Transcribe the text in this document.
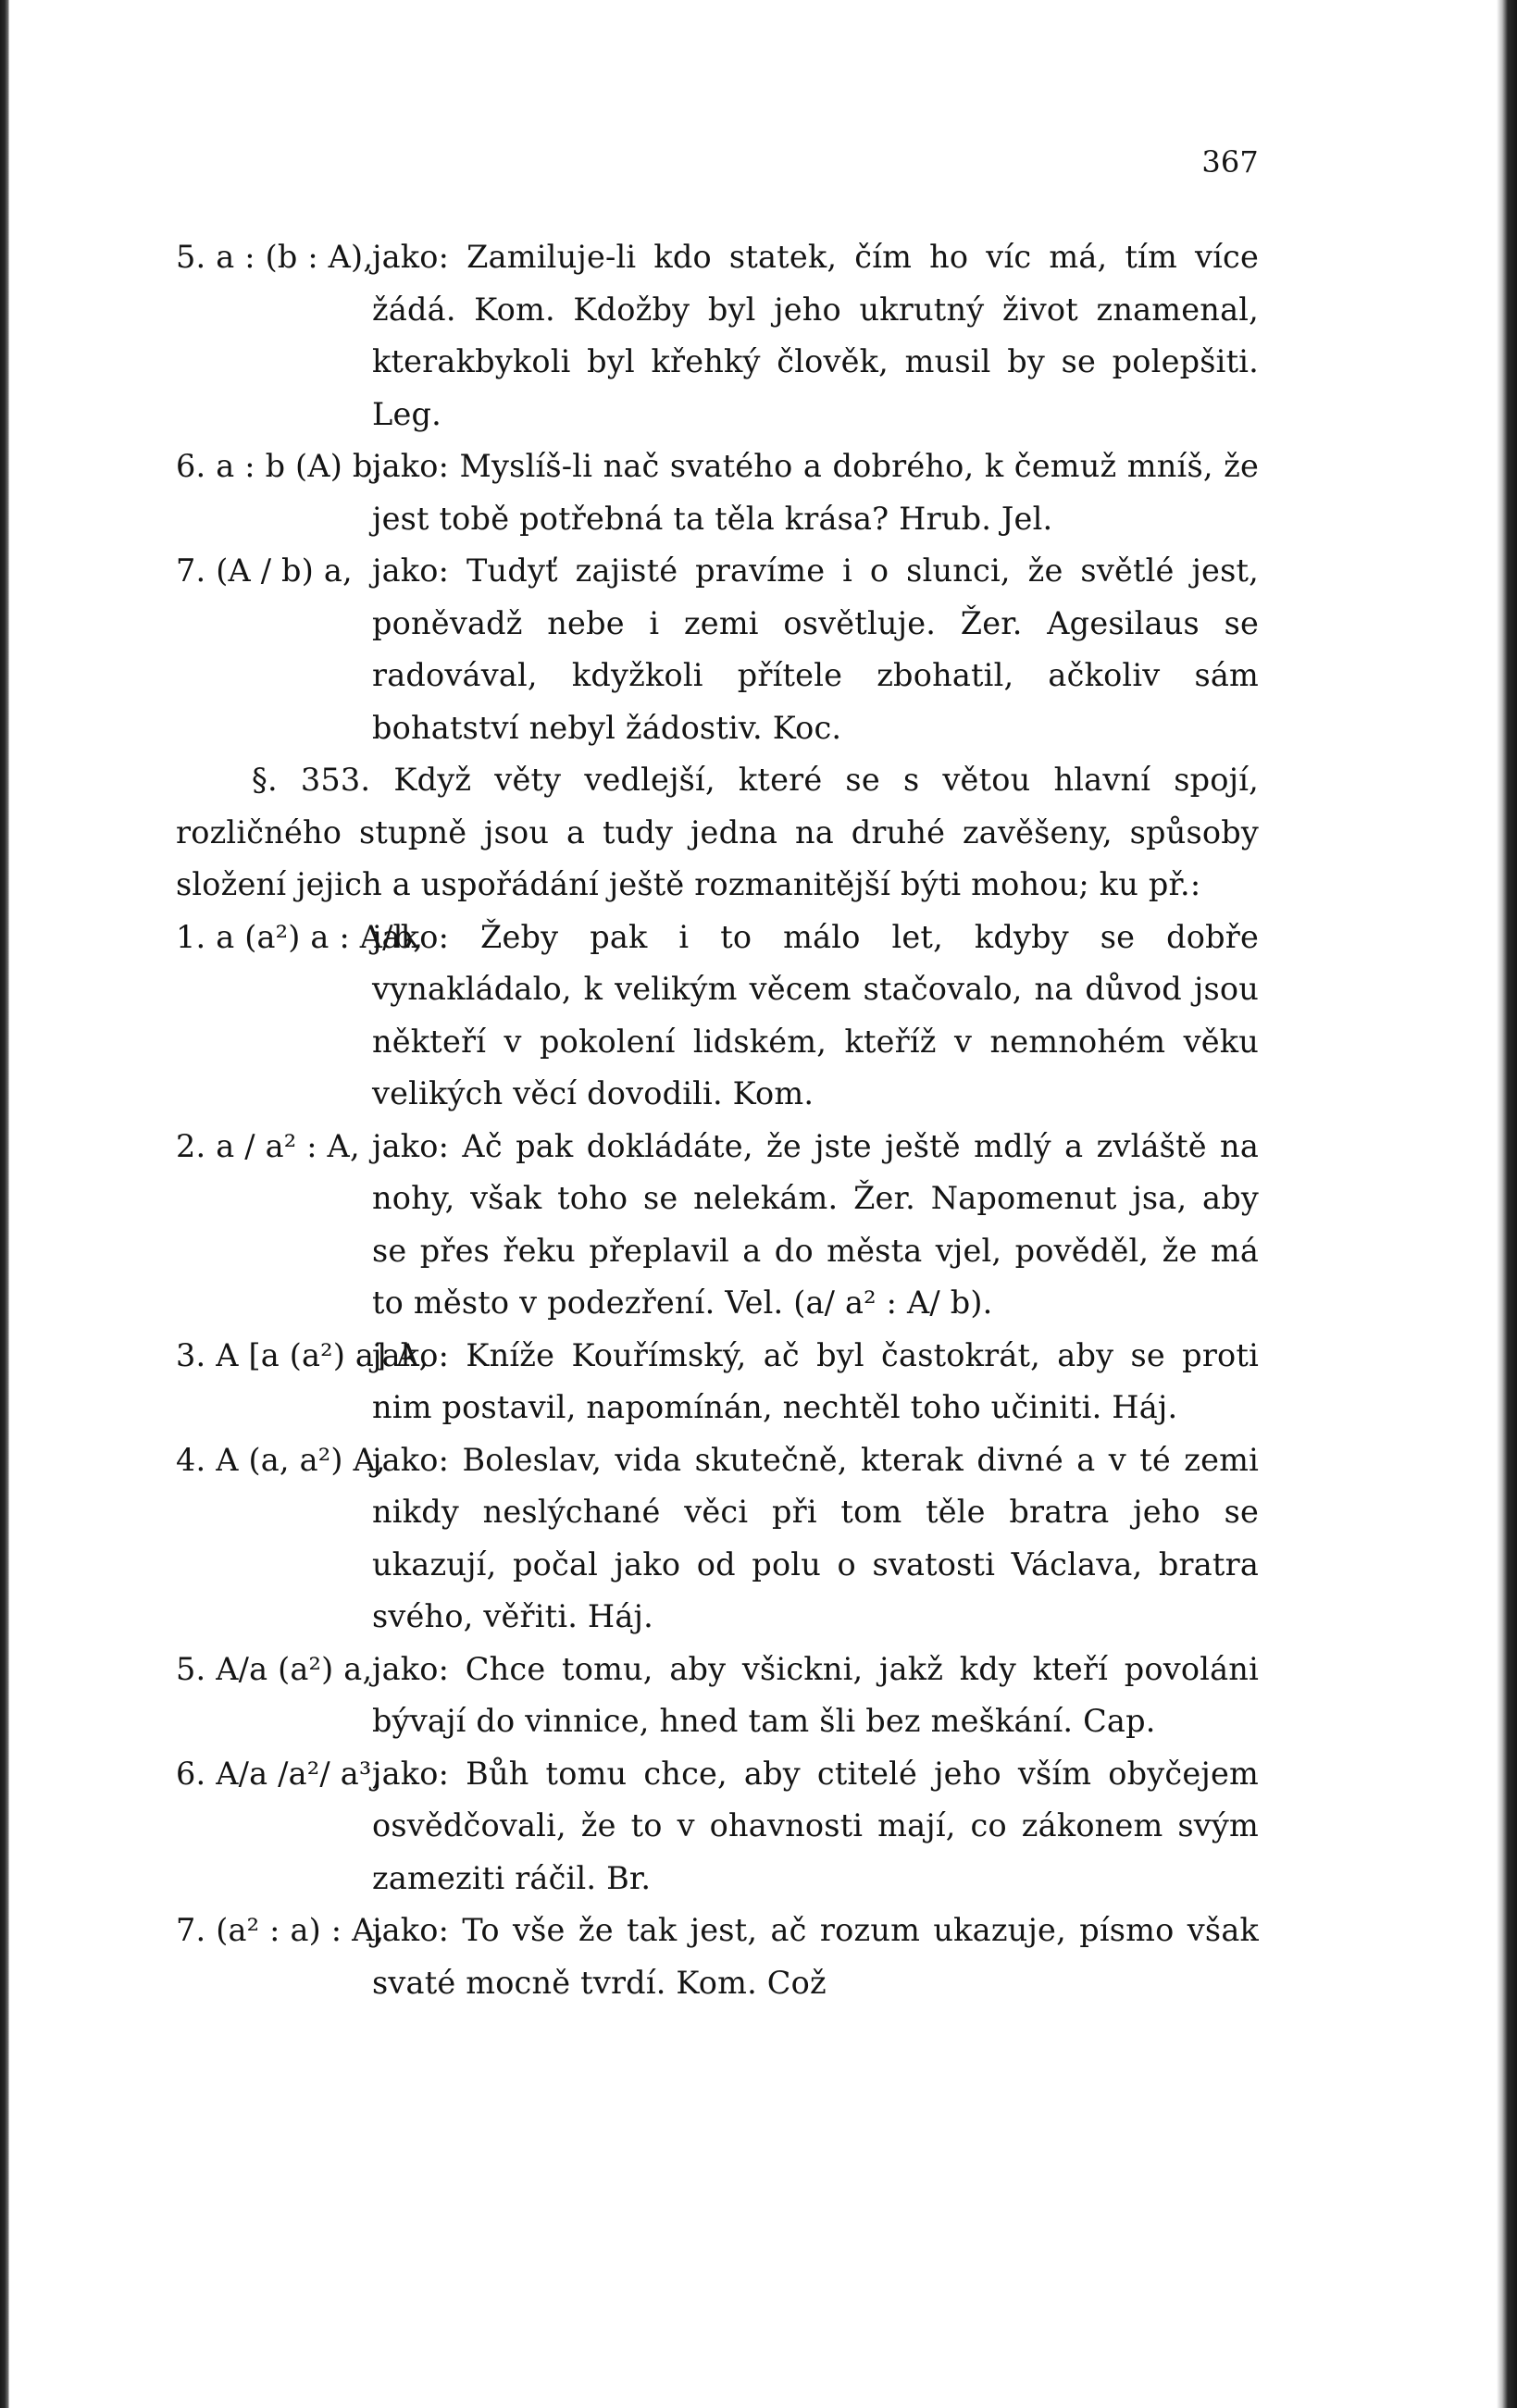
367
5. a : (b : A),
jako: Zamiluje-li kdo statek, čím ho víc má, tím více žádá. Kom. Kdožby byl jeho ukrutný život znamenal, kterakbykoli byl křehký člověk, musil by se polepšiti. Leg.
6. a : b (A) b,
jako: Myslíš-li nač svatého a dobrého, k čemuž mníš, že jest tobě potřebná ta těla krása? Hrub. Jel.
7. (A / b) a, jako: Tudyť zajisté pravíme i o slunci, že světlé jest, poněvadž nebe i zemi osvětluje. Žer. Agesilaus se radovával, kdyžkoli přítele zbohatil, ačkoliv sám bohatství nebyl žádostiv. Koc.

§. 353. Když věty vedlejší, které se s větou hlavní spojí, rozličného stupně jsou a tudy jedna na druhé zavěšeny, spůsoby složení jejich a uspořádání ještě rozmanitější býti mohou; ku př.:

1. a (a²) a : A/b,
jako: Žeby pak i to málo let, kdyby se dobře vynakládalo, k velikým věcem stačovalo, na důvod jsou někteří v pokolení lidském, kteříž v nemnohém věku velikých věcí dovodili. Kom.
2. a / a² : A, jako: Ač pak dokládáte, že jste ještě mdlý a zvláště na nohy, však toho se nelekám. Žer. Napomenut jsa, aby se přes řeku přeplavil a do města vjel, pověděl, že má to město v podezření. Vel. (a/ a² : A/ b).
3. A [a (a²) a] A,
jako: Kníže Kouřímský, ač byl častokrát, aby se proti nim postavil, napomínán, nechtěl toho učiniti. Háj.
4. A (a, a²) A,
jako: Boleslav, vida skutečně, kterak divné a v té zemi nikdy neslýchané věci při tom těle bratra jeho se ukazují, počal jako od polu o svatosti Václava, bratra svého, věřiti. Háj.
5. A/a (a²) a, jako: Chce tomu, aby všickni, jakž kdy kteří povoláni bývají do vinnice, hned tam šli bez meškání. Cap.
6. A/a /a²/ a³,
jako: Bůh tomu chce, aby ctitelé jeho vším obyčejem osvědčovali, že to v ohavnosti mají, co zákonem svým zameziti ráčil. Br.
7. (a² : a) : A,
jako: To vše že tak jest, ač rozum ukazuje, písmo však svaté mocně tvrdí. Kom. Což
